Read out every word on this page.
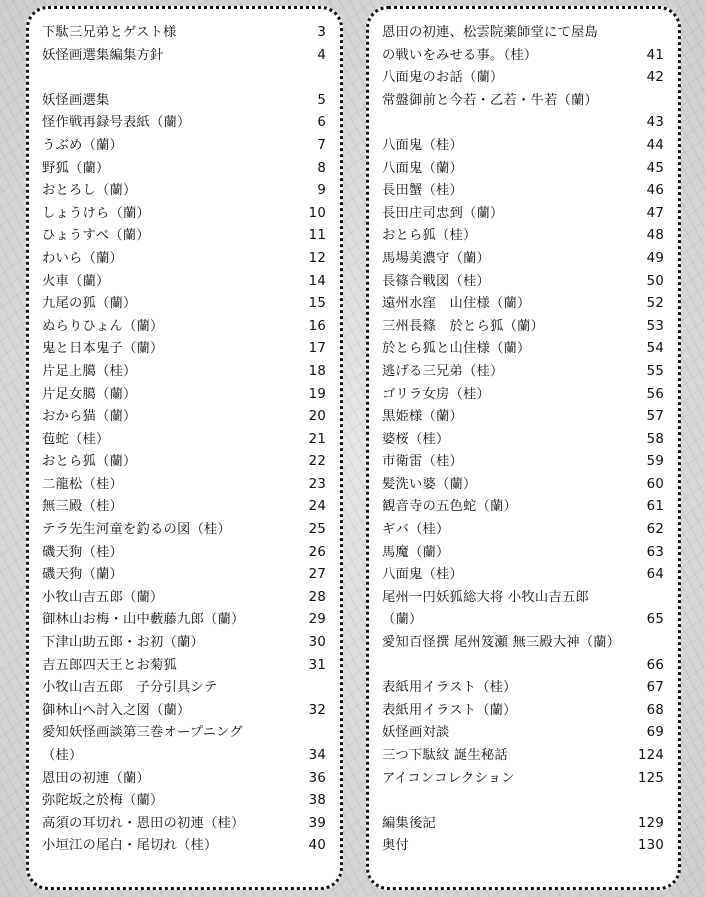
下駄三兄弟とゲスト様	3
妖怪画選集編集方針	4
妖怪画選集	5
怪作戦再録号表紙（蘭）	6
うぶめ（蘭）	7
野狐（蘭）	8
おとろし（蘭）	9
しょうけら（蘭）	10
ひょうすべ（蘭）	11
わいら（蘭）	12
火車（蘭）	14
九尾の狐（蘭）	15
ぬらりひょん（蘭）	16
鬼と日本鬼子（蘭）	17
片足上臈（桂）	18
片足女臈（蘭）	19
おから猫（蘭）	20
苞蛇（桂）	21
おとら狐（蘭）	22
二龍松（桂）	23
無三殿（桂）	24
テラ先生河童を釣るの図（桂）	25
磯天狗（桂）	26
磯天狗（蘭）	27
小牧山吉五郎（蘭）	28
御林山お梅・山中藪藤九郎（蘭）	29
下津山助五郎・お初（蘭）	30
吉五郎四天王とお菊狐	31
小牧山吉五郎　子分引具シテ
御林山へ討入之図（蘭）	32
愛知妖怪画談第三巻オープニング
（桂）	34
恩田の初連（蘭）	36
弥陀坂之於梅（蘭）	38
高須の耳切れ・恩田の初連（桂）	39
小垣江の尾白・尾切れ（桂）	40
恩田の初連、松雲院薬師堂にて屋島
の戦いをみせる事。（桂）	41
八面鬼のお話（蘭）	42
常盤御前と今若・乙若・牛若（蘭）
43
八面鬼（桂）	44
八面鬼（蘭）	45
長田蟹（桂）	46
長田庄司忠到（蘭）	47
おとら狐（桂）	48
馬場美濃守（蘭）	49
長篠合戦図（桂）	50
遠州水窪　山住様（蘭）	52
三州長篠　於とら狐（蘭）	53
於とら狐と山住様（蘭）	54
逃げる三兄弟（桂）	55
ゴリラ女房（桂）	56
黒姫様（蘭）	57
婆桜（桂）	58
市衛雷（桂）	59
髪洗い婆（蘭）	60
観音寺の五色蛇（蘭）	61
ギバ（桂）	62
馬魔（蘭）	63
八面鬼（桂）	64
尾州一円妖狐総大将 小牧山吉五郎
（蘭）	65
愛知百怪撰 尾州笈瀬 無三殿大神（蘭）
66
表紙用イラスト（桂）	67
表紙用イラスト（蘭）	68
妖怪画対談	69
三つ下駄紋 誕生秘話	124
アイコンコレクション	125
編集後記	129
奥付	130
